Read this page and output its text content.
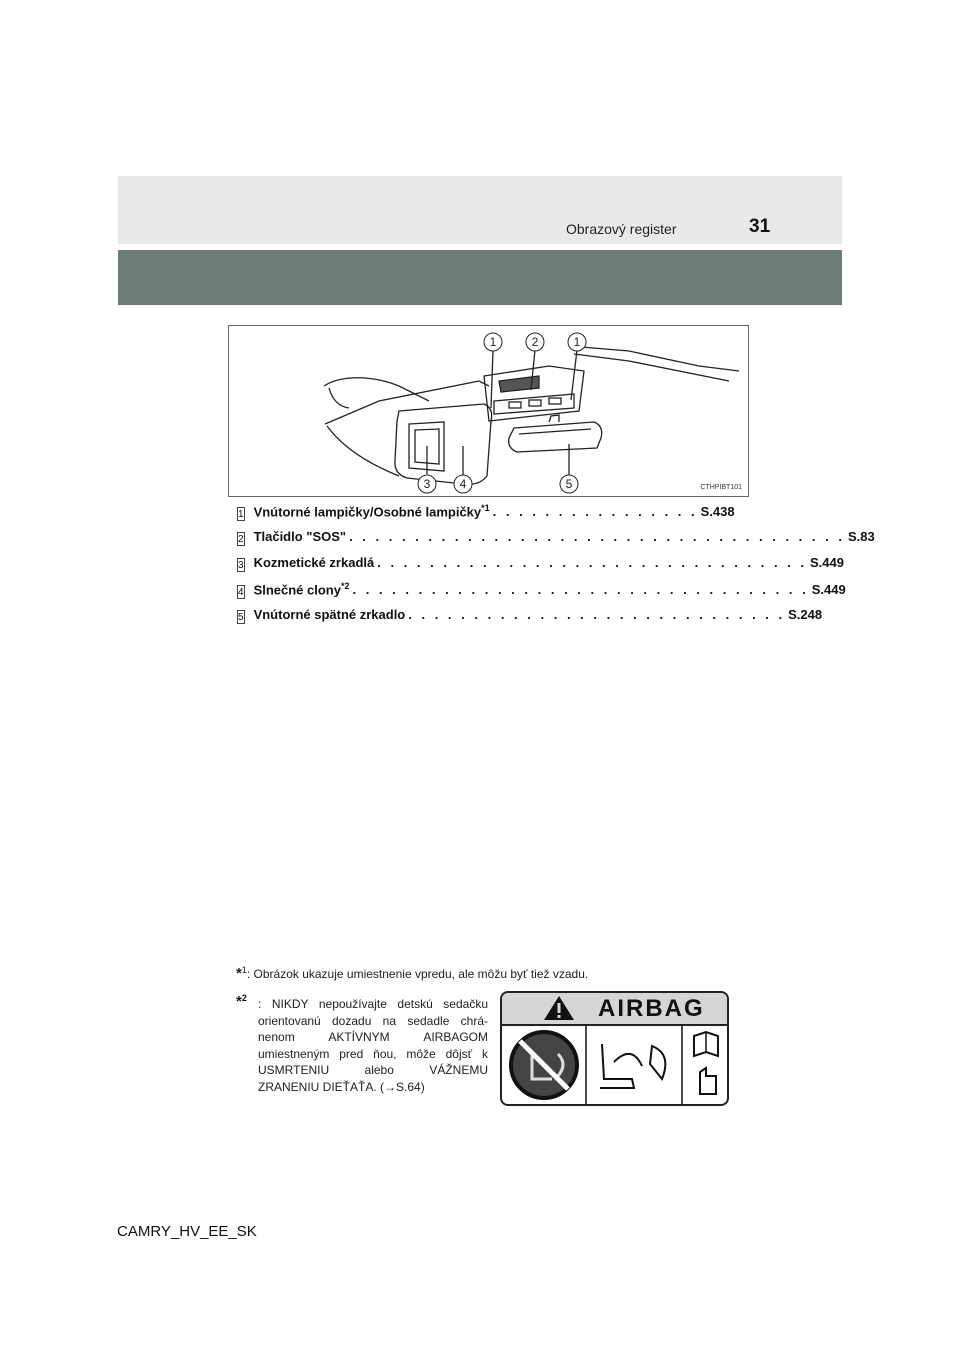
Obrazový register	31
1	2	1
3 4	5	CTHPIBT101
1 Vnútorné lampičky/Osobné lampičky$^{*1}$ . . . . . . . . . . . . . . . . S.438
2 Tlačidlo "SOS" . . . . . . . . . . . . . . . . . . . . . . . . . . . . . . . . . . . . . . S.83
3 Kozmetické zrkadlá . . . . . . . . . . . . . . . . . . . . . . . . . . . . . . . . . S.449
4 Slnečné clony$^{*2}$ . . . . . . . . . . . . . . . . . . . . . . . . . . . . . . . . . . . S.449
5 Vnútorné spätné zrkadlo . . . . . . . . . . . . . . . . . . . . . . . . . . . . . S.248
*$^1$: Obrázok ukazuje umiestnenie vpredu, ale môžu byť tiež vzadu.
*$^2$ : NIKDY nepoužívajte detskú sedačku orientovanú dozadu na sedadle chrá-nenom AKTÍVNYM AIRBAGOM umiestneným pred ňou, môže dôjsť k USMRTENIU alebo VÁŽNEMU ZRANENIU DIEŤAŤA. (→S.64)
AIRBAG
CAMRY_HV_EE_SK
